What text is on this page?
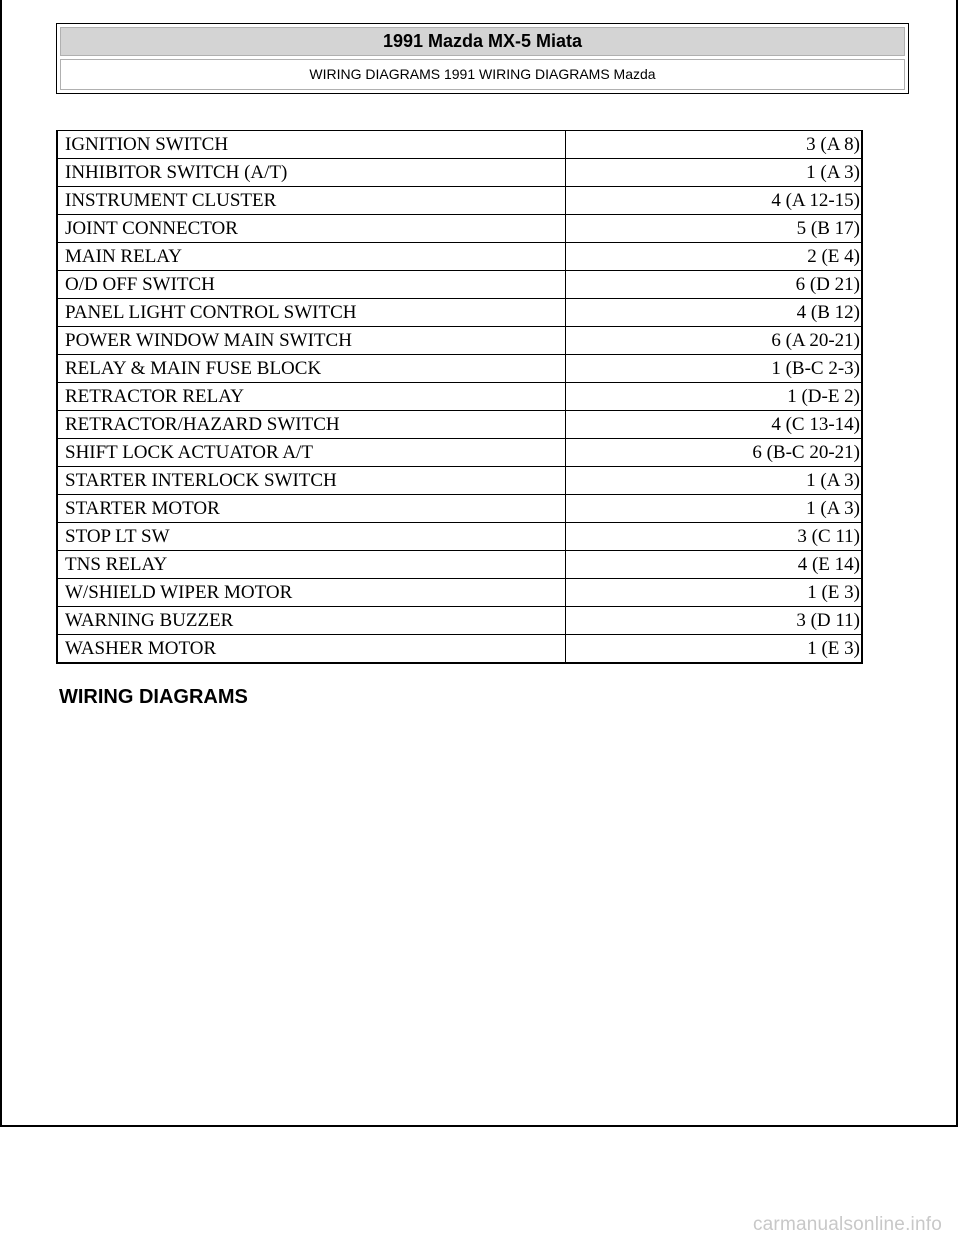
1991 Mazda MX-5 Miata
WIRING DIAGRAMS 1991 WIRING DIAGRAMS Mazda
IGNITION SWITCH	3 (A 8)
INHIBITOR SWITCH (A/T)	1 (A 3)
INSTRUMENT CLUSTER	4 (A 12-15)
JOINT CONNECTOR	5 (B 17)
MAIN RELAY	2 (E 4)
O/D OFF SWITCH	6 (D 21)
PANEL LIGHT CONTROL SWITCH	4 (B 12)
POWER WINDOW MAIN SWITCH	6 (A 20-21)
RELAY & MAIN FUSE BLOCK	1 (B-C 2-3)
RETRACTOR RELAY	1 (D-E 2)
RETRACTOR/HAZARD SWITCH	4 (C 13-14)
SHIFT LOCK ACTUATOR A/T	6 (B-C 20-21)
STARTER INTERLOCK SWITCH	1 (A 3)
STARTER MOTOR	1 (A 3)
STOP LT SW	3 (C 11)
TNS RELAY	4 (E 14)
W/SHIELD WIPER MOTOR	1 (E 3)
WARNING BUZZER	3 (D 11)
WASHER MOTOR	1 (E 3)
WIRING DIAGRAMS
carmanualsonline.info
